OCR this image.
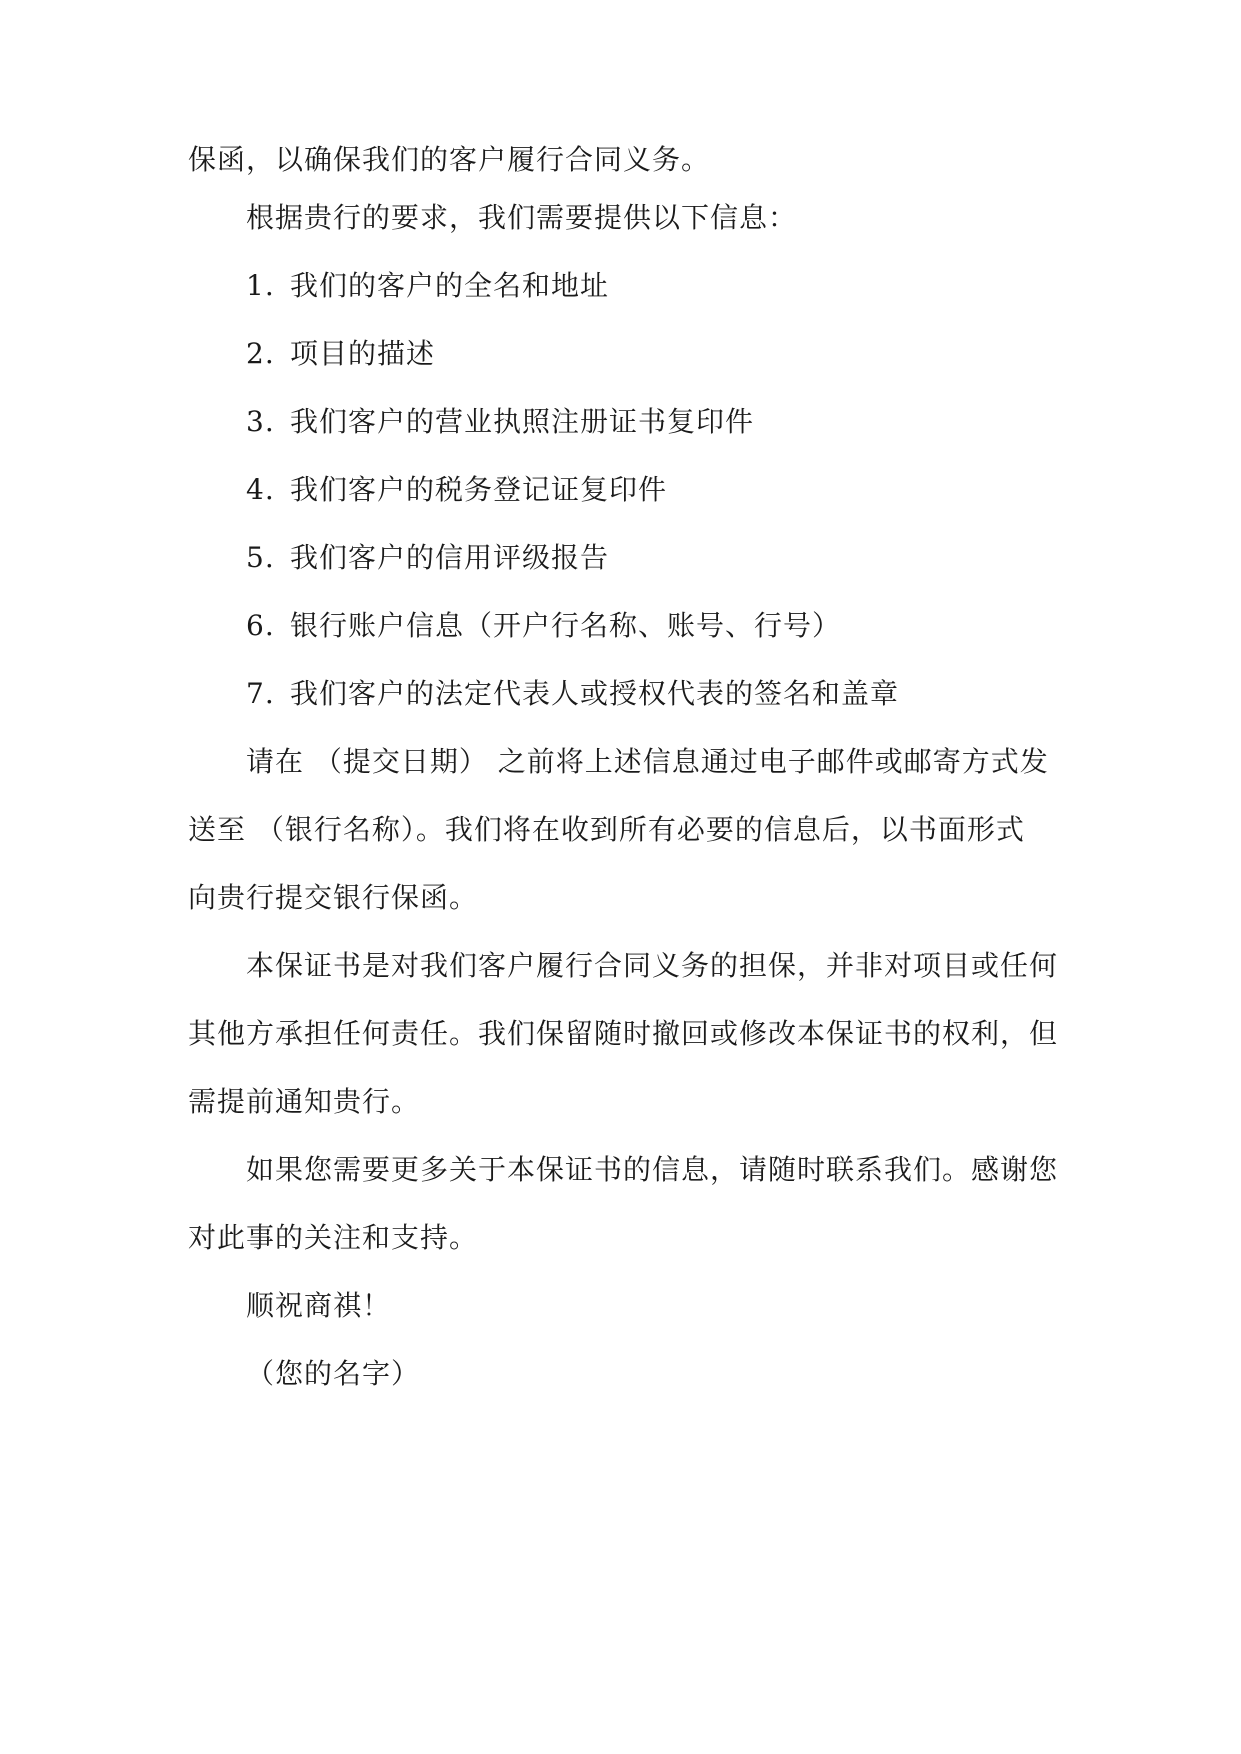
保函，以确保我们的客户履行合同义务。
根据贵行的要求，我们需要提供以下信息：
1. 我们的客户的全名和地址
2. 项目的描述
3. 我们客户的营业执照注册证书复印件
4. 我们客户的税务登记证复印件
5. 我们客户的信用评级报告
6. 银行账户信息（开户行名称、账号、行号）
7. 我们客户的法定代表人或授权代表的签名和盖章
请在 （提交日期） 之前将上述信息通过电子邮件或邮寄方式发
送至 （银行名称）。我们将在收到所有必要的信息后，以书面形式
向贵行提交银行保函。
本保证书是对我们客户履行合同义务的担保，并非对项目或任何
其他方承担任何责任。我们保留随时撤回或修改本保证书的权利，但
需提前通知贵行。
如果您需要更多关于本保证书的信息，请随时联系我们。感谢您
对此事的关注和支持。
顺祝商祺！
（您的名字）
